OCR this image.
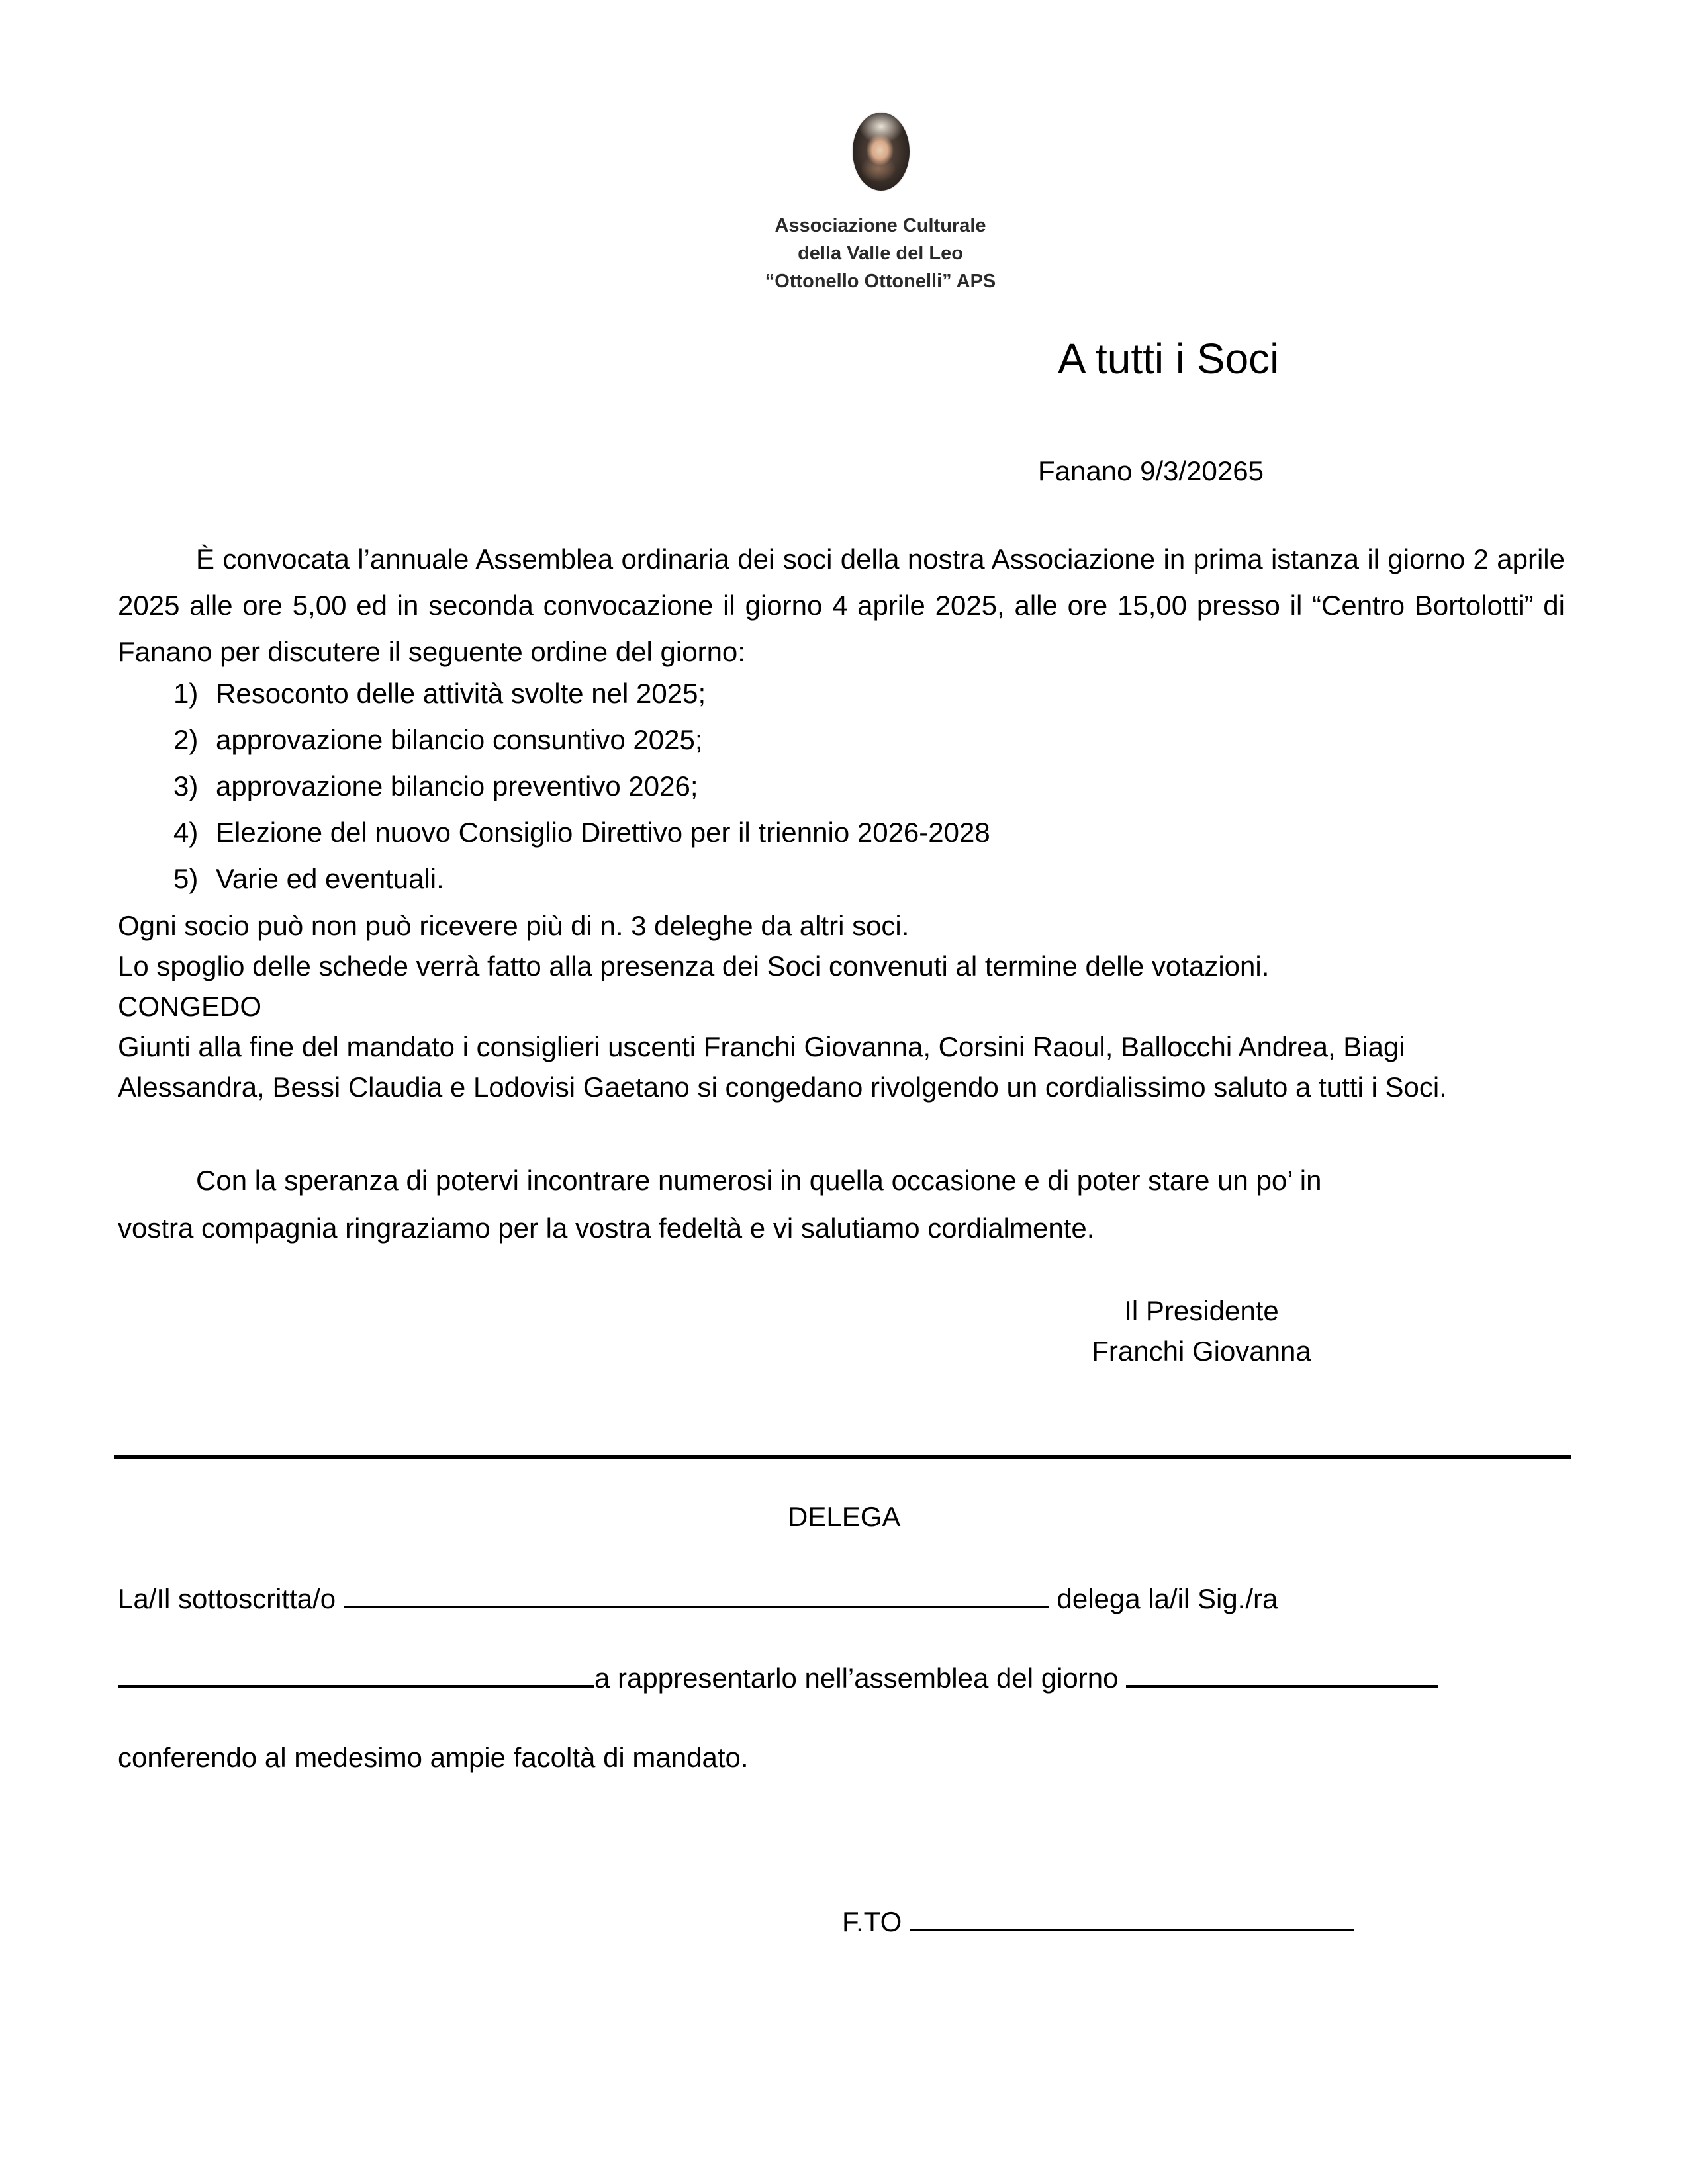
Associazione Culturale
della Valle del Leo
“Ottonello Ottonelli” APS
A tutti i Soci
Fanano 9/3/20265
È convocata l’annuale Assemblea ordinaria dei soci della nostra Associazione in prima istanza il giorno 2 aprile 2025 alle ore 5,00 ed in seconda convocazione il giorno 4 aprile 2025, alle ore 15,00 presso il “Centro Bortolotti” di Fanano per discutere il seguente ordine del giorno:
1) Resoconto delle attività svolte nel 2025;
2) approvazione bilancio consuntivo 2025;
3) approvazione bilancio preventivo 2026;
4) Elezione del nuovo Consiglio Direttivo per il triennio 2026-2028
5) Varie ed eventuali.
Ogni socio può non può ricevere più di n. 3 deleghe da altri soci.
Lo spoglio delle schede verrà fatto alla presenza dei Soci convenuti al termine delle votazioni.
CONGEDO
Giunti alla fine del mandato i consiglieri uscenti Franchi Giovanna, Corsini Raoul, Ballocchi Andrea, Biagi
Alessandra, Bessi Claudia e Lodovisi Gaetano si congedano rivolgendo un cordialissimo saluto a tutti i Soci.
Con la speranza di potervi incontrare numerosi in quella occasione e di poter stare un po’ in
vostra compagnia ringraziamo per la vostra fedeltà e vi salutiamo cordialmente.
Il Presidente
Franchi Giovanna
DELEGA
La/Il sottoscritta/o	delega la/il Sig./ra
a rappresentarlo nell’assemblea del giorno
conferendo al medesimo ampie facoltà di mandato.
F.TO
